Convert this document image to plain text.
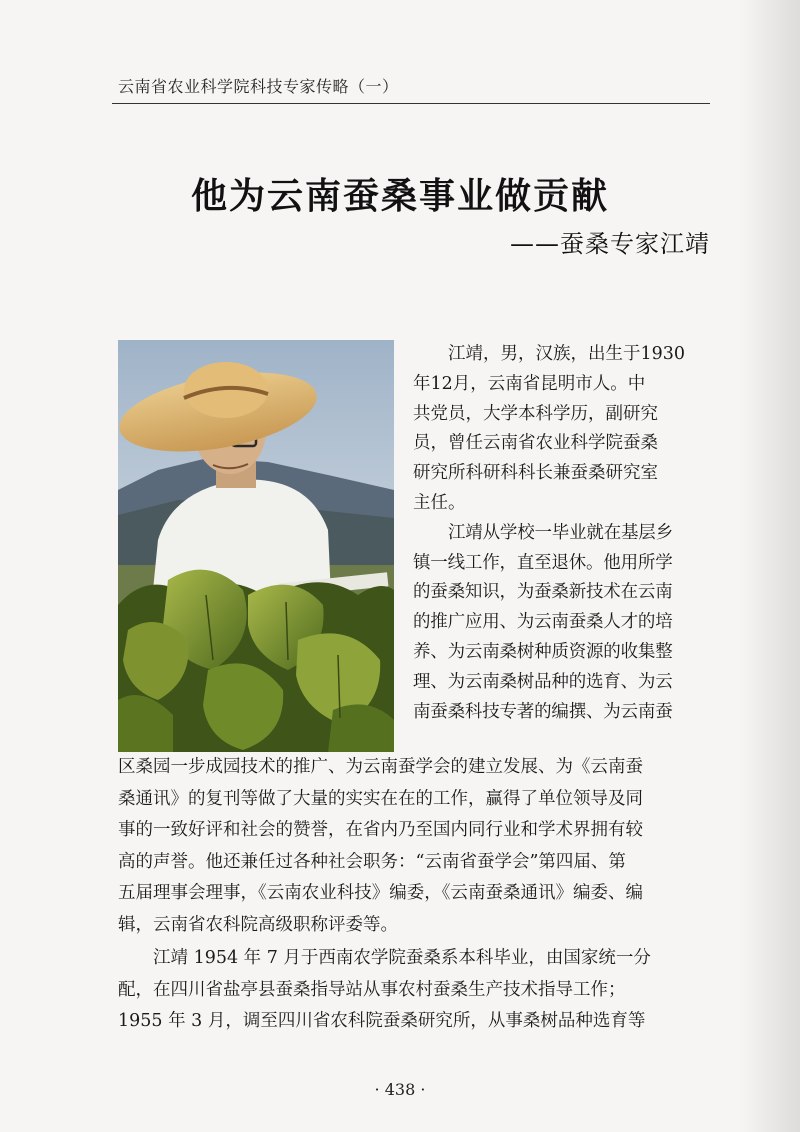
云南省农业科学院科技专家传略（一）
他为云南蚕桑事业做贡献
——蚕桑专家江靖

江靖，男，汉族，出生于1930
年12月，云南省昆明市人。中
共党员，大学本科学历，副研究
员，曾任云南省农业科学院蚕桑
研究所科研科科长兼蚕桑研究室
主任。

江靖从学校一毕业就在基层乡
镇一线工作，直至退休。他用所学
的蚕桑知识，为蚕桑新技术在云南
的推广应用、为云南蚕桑人才的培
养、为云南桑树种质资源的收集整
理、为云南桑树品种的选育、为云
南蚕桑科技专著的编撰、为云南蚕

区桑园一步成园技术的推广、为云南蚕学会的建立发展、为《云南蚕
桑通讯》的复刊等做了大量的实实在在的工作，赢得了单位领导及同
事的一致好评和社会的赞誉，在省内乃至国内同行业和学术界拥有较
高的声誉。他还兼任过各种社会职务：“云南省蚕学会”第四届、第
五届理事会理事，《云南农业科技》编委，《云南蚕桑通讯》编委、编
辑，云南省农科院高级职称评委等。

江靖 1954 年 7 月于西南农学院蚕桑系本科毕业，由国家统一分
配，在四川省盐亭县蚕桑指导站从事农村蚕桑生产技术指导工作；
1955 年 3 月，调至四川省农科院蚕桑研究所，从事桑树品种选育等

· 438 ·
